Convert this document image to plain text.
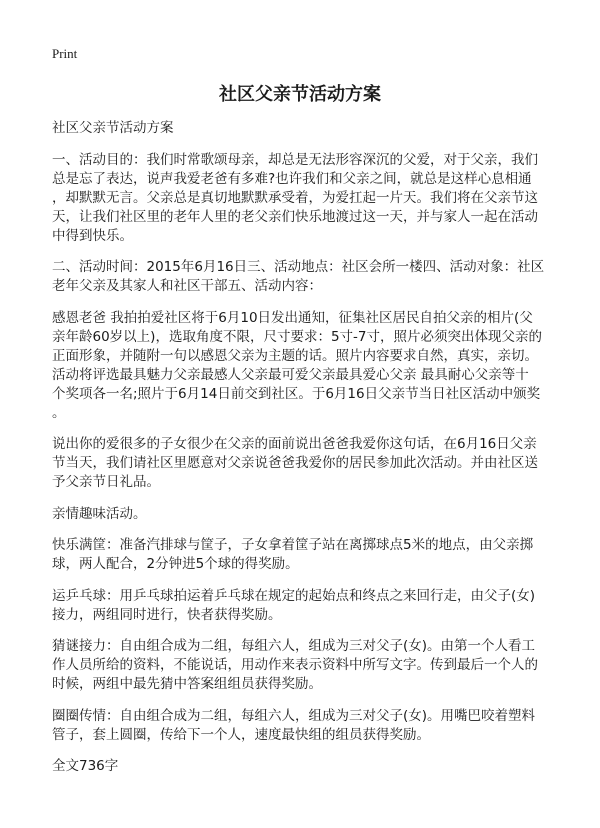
Print
社区父亲节活动方案

社区父亲节活动方案

一、活动目的：我们时常歌颂母亲，却总是无法形容深沉的父爱，对于父亲，我们
总是忘了表达，说声我爱老爸有多难?也许我们和父亲之间，就总是这样心息相通
，却默默无言。父亲总是真切地默默承受着，为爱扛起一片天。我们将在父亲节这
天，让我们社区里的老年人里的老父亲们快乐地渡过这一天，并与家人一起在活动
中得到快乐。

二、活动时间：2015年6月16日三、活动地点：社区会所一楼四、活动对象：社区
老年父亲及其家人和社区干部五、活动内容：

感恩老爸 我拍拍爱社区将于6月10日发出通知，征集社区居民自拍父亲的相片(父
亲年龄60岁以上)，选取角度不限，尺寸要求：5寸-7寸，照片必须突出体现父亲的
正面形象，并随附一句以感恩父亲为主题的话。照片内容要求自然，真实，亲切。
活动将评选最具魅力父亲最感人父亲最可爱父亲最具爱心父亲 最具耐心父亲等十
个奖项各一名;照片于6月14日前交到社区。于6月16日父亲节当日社区活动中颁奖
。

说出你的爱很多的子女很少在父亲的面前说出爸爸我爱你这句话，在6月16日父亲
节当天，我们请社区里愿意对父亲说爸爸我爱你的居民参加此次活动。并由社区送
予父亲节日礼品。

亲情趣味活动。

快乐满筐：准备汽排球与筐子，子女拿着筐子站在离掷球点5米的地点，由父亲掷
球，两人配合，2分钟进5个球的得奖励。

运乒乓球：用乒乓球拍运着乒乓球在规定的起始点和终点之来回行走，由父子(女)
接力，两组同时进行，快者获得奖励。

猜谜接力：自由组合成为二组，每组六人，组成为三对父子(女)。由第一个人看工
作人员所给的资料，不能说话，用动作来表示资料中所写文字。传到最后一个人的
时候，两组中最先猜中答案组组员获得奖励。

圈圈传情：自由组合成为二组，每组六人，组成为三对父子(女)。用嘴巴咬着塑料
管子，套上圆圈，传给下一个人，速度最快组的组员获得奖励。

全文736字
